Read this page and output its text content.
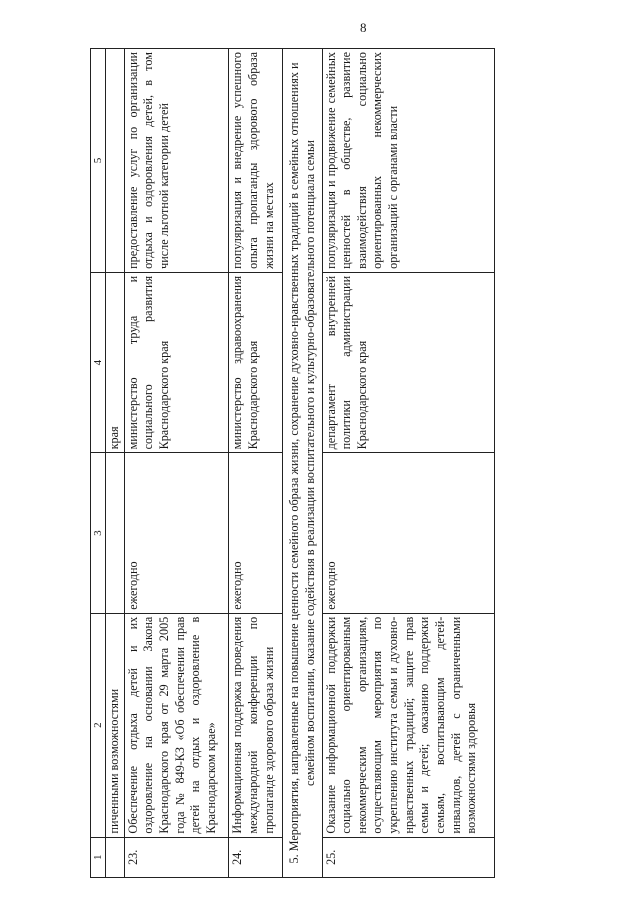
8
1	2	3	4	5
	пиченными возможностями		края	
23.	Обеспечение отдыха детей и их оздоровление на основании Закона Краснодарского края от 29 марта 2005 года № 849-КЗ «Об обеспечении прав детей на отдых и оздоровление в Краснодарском крае»	ежегодно	министерство труда и социального развития Краснодарского края	предоставление услуг по организации отдыха и оздоровления детей, в том числе льготной категории детей
24.	Информационная поддержка проведения международной конференции по пропаганде здорового образа жизни	ежегодно	министерство здравоохранения Краснодарского края	популяризация и внедрение успешного опыта пропаганды здорового образа жизни на местах
5. Мероприятия, направленные на повышение ценности семейного образа жизни, сохранение духовно-нравственных традиций в семейных отношениях и семейном воспитании, оказание содействия в реализации воспитательного и культурно-образовательного потенциала семьи				
25.	Оказание информационной поддержки социально ориентированным некоммерческим организациям, осуществляющим мероприятия по укреплению института семьи и духовно-нравственных традиций; защите прав семьи и детей; оказанию поддержки семьям, воспитывающим детей-инвалидов, детей с ограниченными возможностями здоровья	ежегодно	департамент внутренней политики администрации Краснодарского края	популяризация и продвижение семейных ценностей в обществе, развитие взаимодействия социально ориентированных некоммерческих организаций с органами власти
